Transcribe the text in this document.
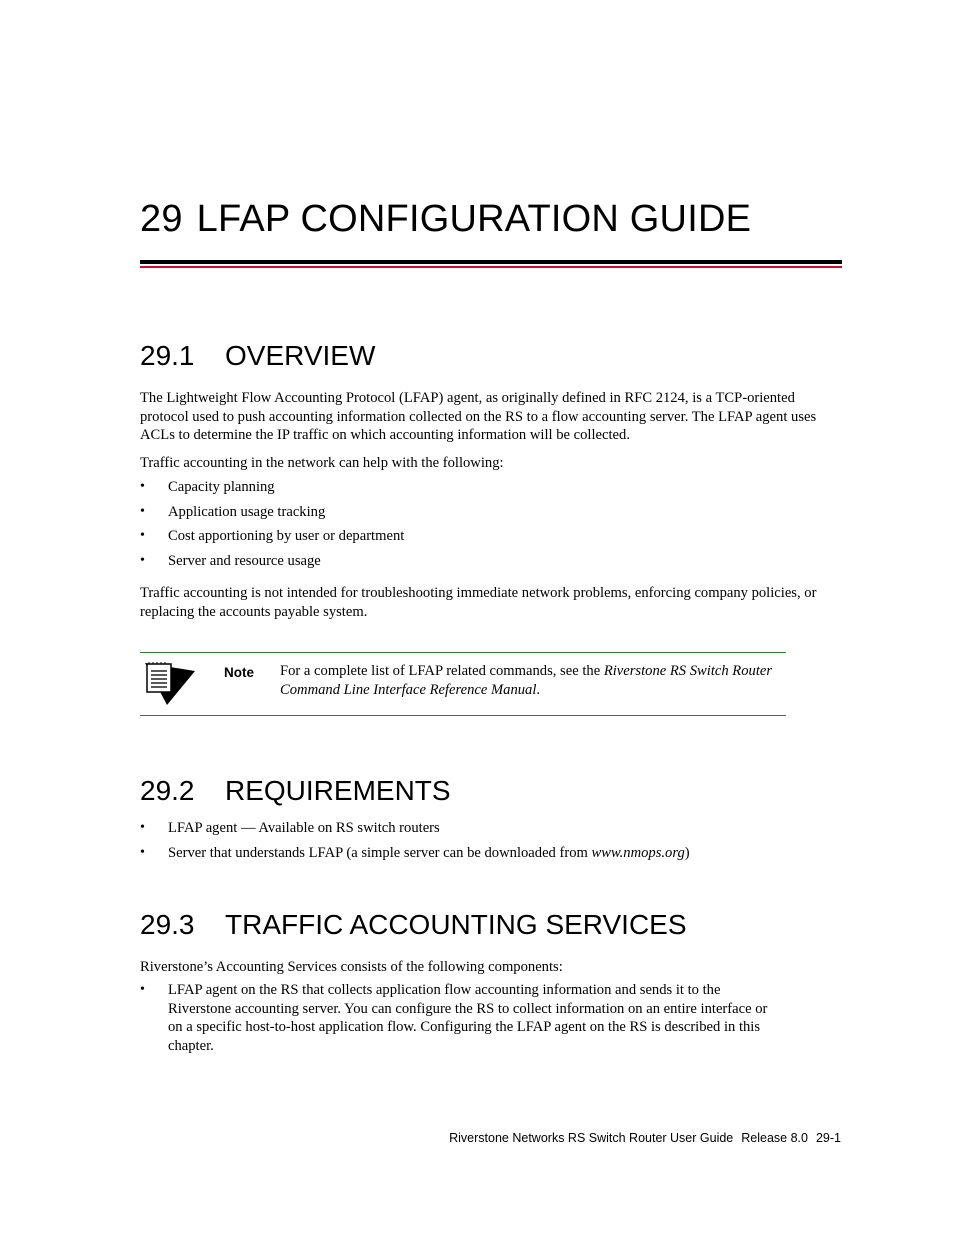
29 LFAP CONFIGURATION GUIDE
29.1 OVERVIEW

The Lightweight Flow Accounting Protocol (LFAP) agent, as originally defined in RFC 2124, is a TCP-oriented protocol used to push accounting information collected on the RS to a flow accounting server. The LFAP agent uses ACLs to determine the IP traffic on which accounting information will be collected.

Traffic accounting in the network can help with the following:

• Capacity planning
• Application usage tracking
• Cost apportioning by user or department
• Server and resource usage

Traffic accounting is not intended for troubleshooting immediate network problems, enforcing company policies, or replacing the accounts payable system.

Note For a complete list of LFAP related commands, see the Riverstone RS Switch Router Command Line Interface Reference Manual.
29.2 REQUIREMENTS
• LFAP agent — Available on RS switch routers
• Server that understands LFAP (a simple server can be downloaded from www.nmops.org)
29.3 TRAFFIC ACCOUNTING SERVICES

Riverstone’s Accounting Services consists of the following components:

• LFAP agent on the RS that collects application flow accounting information and sends it to the Riverstone accounting server. You can configure the RS to collect information on an entire interface or on a specific host-to-host application flow. Configuring the LFAP agent on the RS is described in this chapter.
Riverstone Networks RS Switch Router User Guide Release 8.0 29-1
